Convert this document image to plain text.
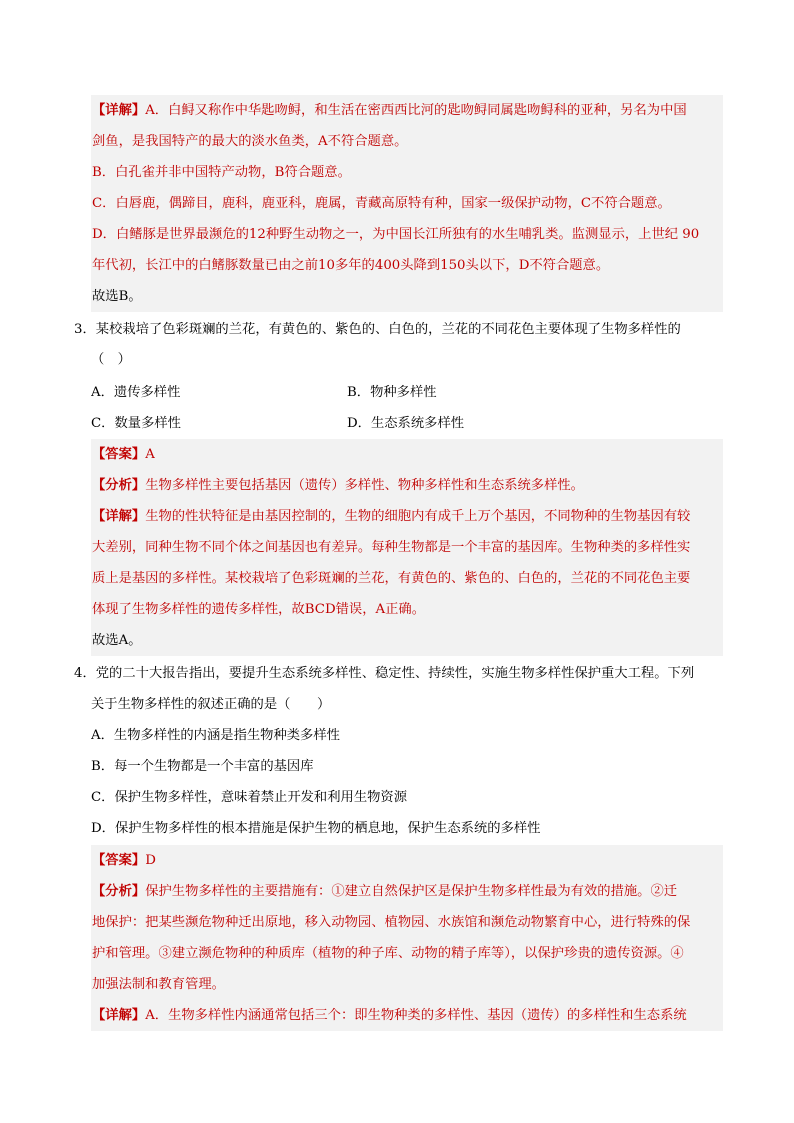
【详解】A．白鲟又称作中华匙吻鲟，和生活在密西西比河的匙吻鲟同属匙吻鲟科的亚种，另名为中国
剑鱼，是我国特产的最大的淡水鱼类，A不符合题意。
B．白孔雀并非中国特产动物，B符合题意。
C．白唇鹿，偶蹄目，鹿科，鹿亚科，鹿属，青藏高原特有种，国家一级保护动物，C不符合题意。
D．白鳍豚是世界最濒危的12种野生动物之一，为中国长江所独有的水生哺乳类。监测显示，上世纪 90
年代初，长江中的白鳍豚数量已由之前10多年的400头降到150头以下，D不符合题意。
故选B。
3．某校栽培了色彩斑斓的兰花，有黄色的、紫色的、白色的，兰花的不同花色主要体现了生物多样性的
（　）
A．遗传多样性	B．物种多样性
C．数量多样性	D．生态系统多样性
【答案】A
【分析】生物多样性主要包括基因（遗传）多样性、物种多样性和生态系统多样性。
【详解】生物的性状特征是由基因控制的，生物的细胞内有成千上万个基因，不同物种的生物基因有较
大差别，同种生物不同个体之间基因也有差异。每种生物都是一个丰富的基因库。生物种类的多样性实
质上是基因的多样性。某校栽培了色彩斑斓的兰花，有黄色的、紫色的、白色的，兰花的不同花色主要
体现了生物多样性的遗传多样性，故BCD错误，A正确。
故选A。
4．党的二十大报告指出，要提升生态系统多样性、稳定性、持续性，实施生物多样性保护重大工程。下列
关于生物多样性的叙述正确的是（　　）
A．生物多样性的内涵是指生物种类多样性
B．每一个生物都是一个丰富的基因库
C．保护生物多样性，意味着禁止开发和利用生物资源
D．保护生物多样性的根本措施是保护生物的栖息地，保护生态系统的多样性
【答案】D
【分析】保护生物多样性的主要措施有：①建立自然保护区是保护生物多样性最为有效的措施。②迁
地保护：把某些濒危物种迁出原地，移入动物园、植物园、水族馆和濒危动物繁育中心，进行特殊的保
护和管理。③建立濒危物种的种质库（植物的种子库、动物的精子库等），以保护珍贵的遗传资源。④
加强法制和教育管理。
【详解】A．生物多样性内涵通常包括三个：即生物种类的多样性、基因（遗传）的多样性和生态系统
